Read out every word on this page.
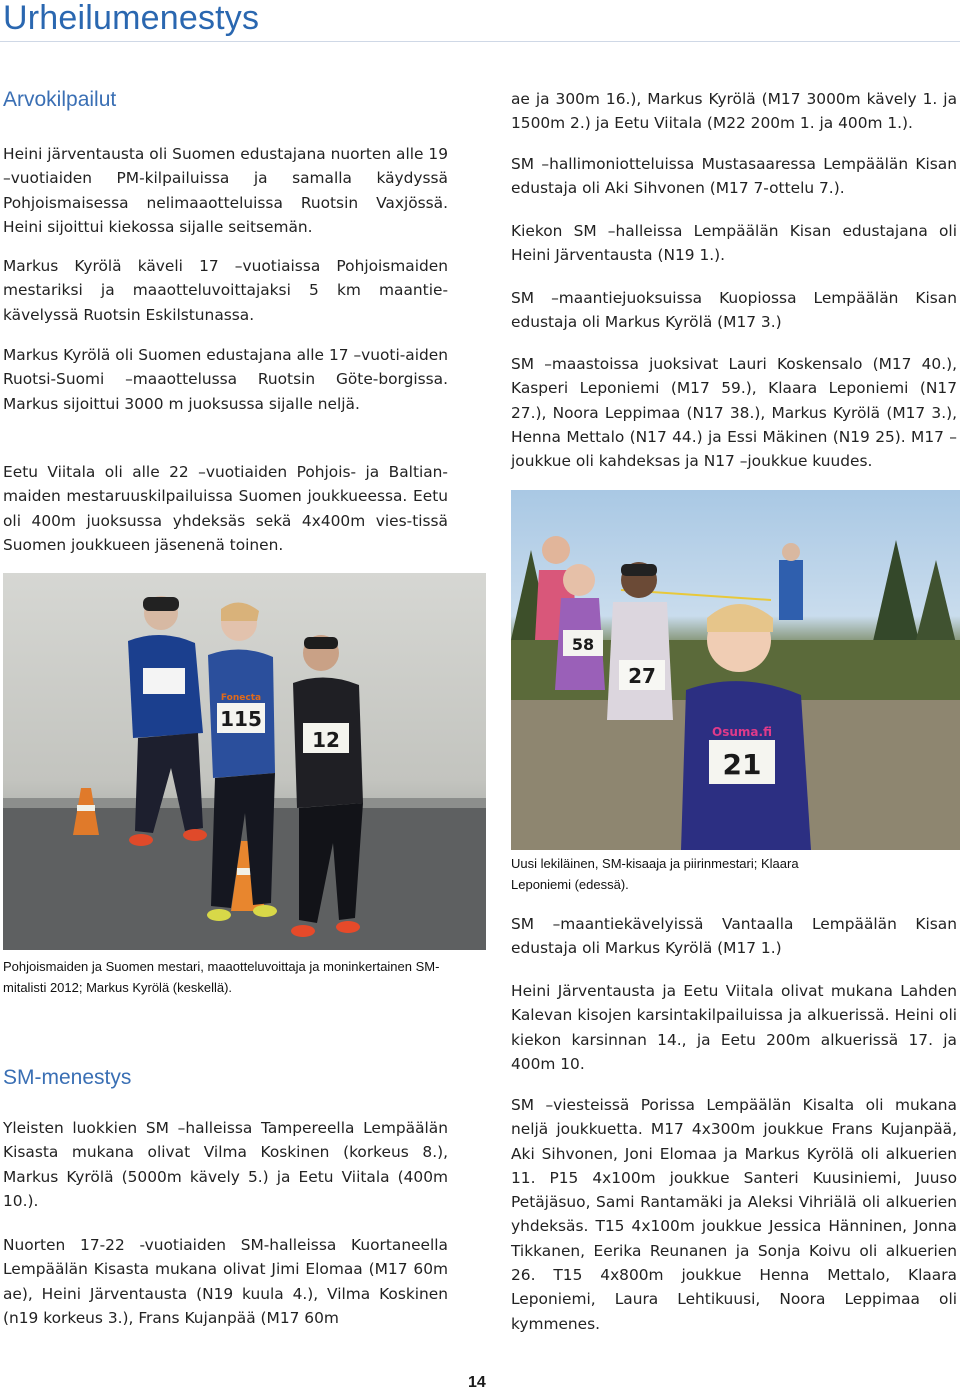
Urheilumenestys
Arvokilpailut

Heini järventausta oli Suomen edustajana nuorten alle 19 –vuotiaiden PM-kilpailuissa ja samalla käydyssä Pohjoismaisessa nelimaaotteluissa Ruotsin Vaxjössä. Heini sijoittui kiekossa sijalle seitsemän.

Markus Kyrölä käveli 17 –vuotiaissa Pohjoismaiden mestariksi ja maaotteluvoittajaksi 5 km maantie-kävelyssä Ruotsin Eskilstunassa.

Markus Kyrölä oli Suomen edustajana alle 17 –vuoti-aiden Ruotsi-Suomi –maaottelussa Ruotsin Göte-borgissa. Markus sijoittui 3000 m juoksussa sijalle neljä.

Eetu Viitala oli alle 22 –vuotiaiden Pohjois- ja Baltian-maiden mestaruuskilpailuissa Suomen joukkueessa. Eetu oli 400m juoksussa yhdeksäs sekä 4x400m vies-tissä Suomen joukkueen jäsenenä toinen.

115
Fonecta
12

Pohjoismaiden ja Suomen mestari, maaotteluvoittaja ja moninkertainen SM-mitalisti 2012; Markus Kyrölä (keskellä).

SM-menestys

Yleisten luokkien SM –halleissa Tampereella Lempäälän Kisasta mukana olivat Vilma Koskinen (korkeus 8.), Markus Kyrölä (5000m kävely 5.) ja Eetu Viitala (400m 10.).

Nuorten 17-22 -vuotiaiden SM-halleissa Kuortaneella Lempäälän Kisasta mukana olivat Jimi Elomaa (M17 60m ae), Heini Järventausta (N19 kuula 4.), Vilma Koskinen (n19 korkeus 3.), Frans Kujanpää (M17 60m

ae ja 300m 16.), Markus Kyrölä (M17 3000m kävely 1. ja 1500m 2.) ja Eetu Viitala (M22 200m 1. ja 400m 1.).

SM –hallimoniotteluissa Mustasaaressa Lempäälän Kisan edustaja oli Aki Sihvonen (M17 7-ottelu 7.).

Kiekon SM –halleissa Lempäälän Kisan edustajana oli Heini Järventausta (N19 1.).

SM –maantiejuoksuissa Kuopiossa Lempäälän Kisan edustaja oli Markus Kyrölä (M17 3.)

SM –maastoissa juoksivat Lauri Koskensalo (M17 40.), Kasperi Leponiemi (M17 59.), Klaara Leponiemi (N17 27.), Noora Leppimaa (N17 38.), Markus Kyrölä (M17 3.), Henna Mettalo (N17 44.) ja Essi Mäkinen (N19 25). M17 –joukkue oli kahdeksas ja N17 –joukkue kuudes.

58
27
21
Osuma.fi

Uusi lekiläinen, SM-kisaaja ja piirinmestari; Klaara Leponiemi (edessä).

SM –maantiekävelyissä Vantaalla Lempäälän Kisan edustaja oli Markus Kyrölä (M17 1.)

Heini Järventausta ja Eetu Viitala olivat mukana Lahden Kalevan kisojen karsintakilpailuissa ja alkuerissä. Heini oli kiekon karsinnan 14., ja Eetu 200m alkuerissä 17. ja 400m 10.

SM –viesteissä Porissa Lempäälän Kisalta oli mukana neljä joukkuetta. M17 4x300m joukkue Frans Kujanpää, Aki Sihvonen, Joni Elomaa ja Markus Kyrölä oli alkuerien 11. P15 4x100m joukkue Santeri Kuusiniemi, Juuso Petäjäsuo, Sami Rantamäki ja Aleksi Vihriälä oli alkuerien yhdeksäs. T15 4x100m joukkue Jessica Hänninen, Jonna Tikkanen, Eerika Reunanen ja Sonja Koivu oli alkuerien 26. T15 4x800m joukkue Henna Mettalo, Klaara Leponiemi, Laura Lehtikuusi, Noora Leppimaa oli kymmenes.

14
